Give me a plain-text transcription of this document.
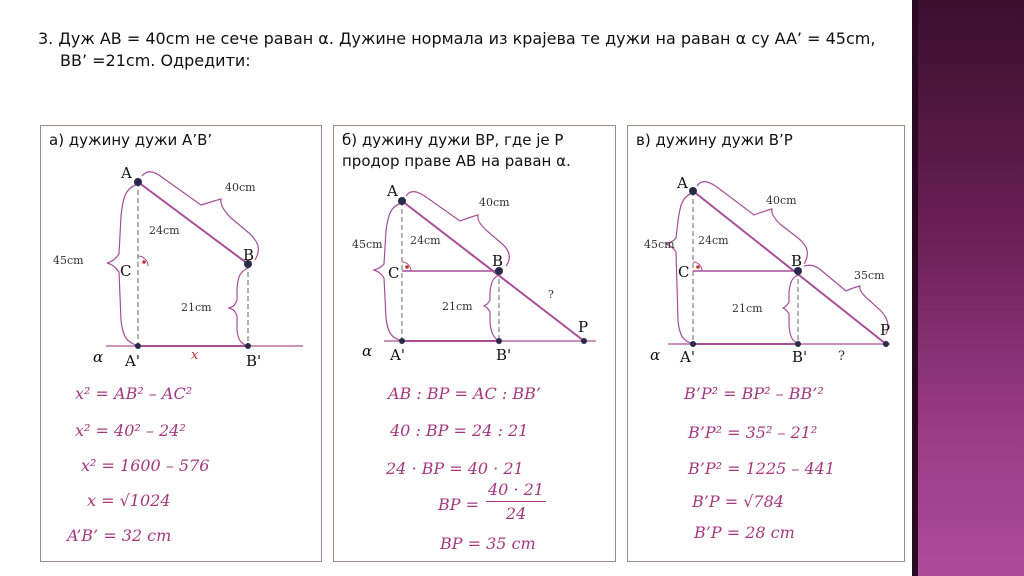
3. Дуж AB = 40cm не сече раван α. Дужине нормала из крајева те дужи на раван α су AA’ = 45cm,
BB’ =21cm. Одредити:
а) дужину дужи A’B’
A
B
C
A'	B'
α
40cm
24cm
45cm
21cm
x
x² = AB² – AC²
x² = 40² – 24²
x² = 1600 – 576
x = √1024
A’B’ = 32 cm
б) дужину дужи BP, где је P
продор праве AB на раван α.
A
B
C
A'	B'
P
α
40cm
24cm
45cm
21cm
?
AB : BP = AC : BB’
40 : BP = 24 : 21
24 · BP = 40 · 21
BP =
40 · 21
24
BP = 35 cm
в) дужину дужи B’P
A
B
C
A'	B'
P
α
40cm
24cm
45cm
21cm
35cm
?
B’P² = BP² – BB’²
B’P² = 35² – 21²
B’P² = 1225 – 441
B’P = √784
B’P = 28 cm
